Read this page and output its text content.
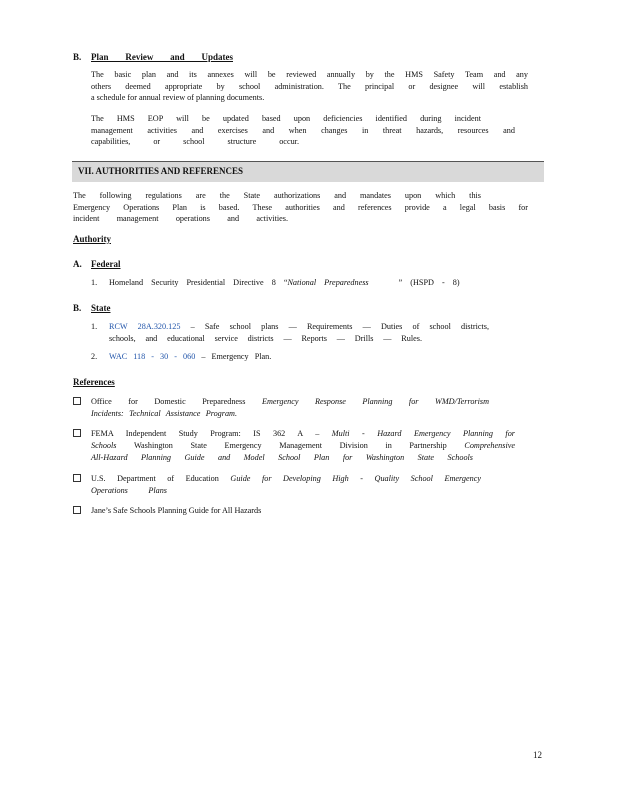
B. Plan Review and Updates
The basic plan and its annexes will be reviewed annually by the HMS Safety Team and any
others deemed appropriate by school administration. The principal or designee will establish
a schedule for annual review of planning documents.
The HMS EOP will be updated based upon deficiencies identified during incident
management activities and exercises and when changes in threat hazards, resources and
capabilities, or school structure occur.
VII. AUTHORITIES AND REFERENCES
The following regulations are the State authorizations and mandates upon which this
Emergency Operations Plan is based. These authorities and references provide a legal basis for
incident management operations and activities.
Authority
A. Federal
1. Homeland Security Presidential Directive 8 “National Preparedness	” (HSPD - 8)
B. State
1. RCW 28A.320.125 – Safe school plans — Requirements — Duties of school districts,
schools, and educational service districts — Reports — Drills — Rules.
2. WAC 118 - 30 - 060 – Emergency Plan.
References
Office for Domestic Preparedness Emergency Response Planning for WMD/Terrorism
Incidents: Technical Assistance Program.
FEMA Independent Study Program: IS 362 A – Multi - Hazard Emergency Planning for
Schools Washington State Emergency Management Division in Partnership Comprehensive
All-Hazard Planning Guide and Model School Plan for Washington State Schools
U.S. Department of Education Guide for Developing High - Quality School Emergency
Operations Plans
Jane’s Safe Schools Planning Guide for All Hazards
12
